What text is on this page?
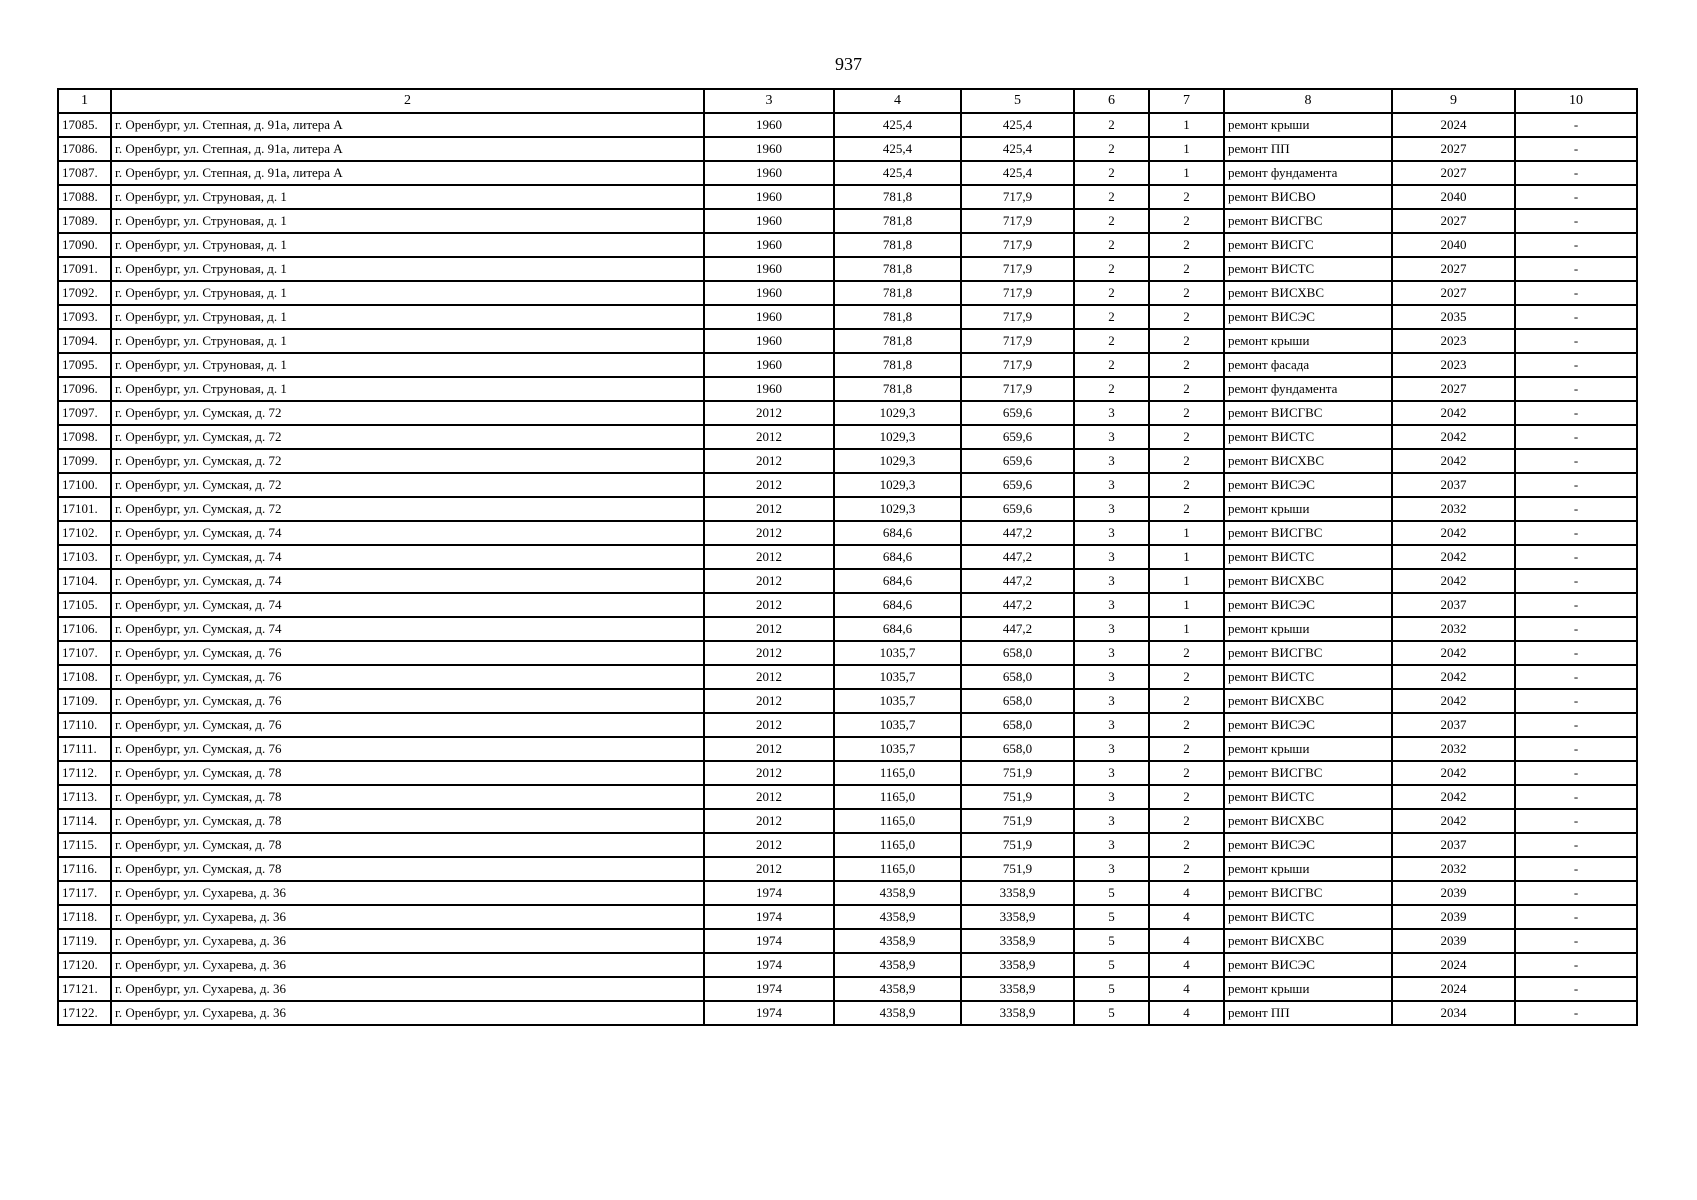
937
1	2	3	4	5	6	7	8	9	10
17085.	г. Оренбург, ул. Степная, д. 91а, литера А	1960	425,4	425,4	2	1	ремонт крыши	2024	-
17086.	г. Оренбург, ул. Степная, д. 91а, литера А	1960	425,4	425,4	2	1	ремонт ПП	2027	-
17087.	г. Оренбург, ул. Степная, д. 91а, литера А	1960	425,4	425,4	2	1	ремонт фундамента	2027	-
17088.	г. Оренбург, ул. Струновая, д. 1	1960	781,8	717,9	2	2	ремонт ВИСВО	2040	-
17089.	г. Оренбург, ул. Струновая, д. 1	1960	781,8	717,9	2	2	ремонт ВИСГВС	2027	-
17090.	г. Оренбург, ул. Струновая, д. 1	1960	781,8	717,9	2	2	ремонт ВИСГС	2040	-
17091.	г. Оренбург, ул. Струновая, д. 1	1960	781,8	717,9	2	2	ремонт ВИСТС	2027	-
17092.	г. Оренбург, ул. Струновая, д. 1	1960	781,8	717,9	2	2	ремонт ВИСХВС	2027	-
17093.	г. Оренбург, ул. Струновая, д. 1	1960	781,8	717,9	2	2	ремонт ВИСЭС	2035	-
17094.	г. Оренбург, ул. Струновая, д. 1	1960	781,8	717,9	2	2	ремонт крыши	2023	-
17095.	г. Оренбург, ул. Струновая, д. 1	1960	781,8	717,9	2	2	ремонт фасада	2023	-
17096.	г. Оренбург, ул. Струновая, д. 1	1960	781,8	717,9	2	2	ремонт фундамента	2027	-
17097.	г. Оренбург, ул. Сумская, д. 72	2012	1029,3	659,6	3	2	ремонт ВИСГВС	2042	-
17098.	г. Оренбург, ул. Сумская, д. 72	2012	1029,3	659,6	3	2	ремонт ВИСТС	2042	-
17099.	г. Оренбург, ул. Сумская, д. 72	2012	1029,3	659,6	3	2	ремонт ВИСХВС	2042	-
17100.	г. Оренбург, ул. Сумская, д. 72	2012	1029,3	659,6	3	2	ремонт ВИСЭС	2037	-
17101.	г. Оренбург, ул. Сумская, д. 72	2012	1029,3	659,6	3	2	ремонт крыши	2032	-
17102.	г. Оренбург, ул. Сумская, д. 74	2012	684,6	447,2	3	1	ремонт ВИСГВС	2042	-
17103.	г. Оренбург, ул. Сумская, д. 74	2012	684,6	447,2	3	1	ремонт ВИСТС	2042	-
17104.	г. Оренбург, ул. Сумская, д. 74	2012	684,6	447,2	3	1	ремонт ВИСХВС	2042	-
17105.	г. Оренбург, ул. Сумская, д. 74	2012	684,6	447,2	3	1	ремонт ВИСЭС	2037	-
17106.	г. Оренбург, ул. Сумская, д. 74	2012	684,6	447,2	3	1	ремонт крыши	2032	-
17107.	г. Оренбург, ул. Сумская, д. 76	2012	1035,7	658,0	3	2	ремонт ВИСГВС	2042	-
17108.	г. Оренбург, ул. Сумская, д. 76	2012	1035,7	658,0	3	2	ремонт ВИСТС	2042	-
17109.	г. Оренбург, ул. Сумская, д. 76	2012	1035,7	658,0	3	2	ремонт ВИСХВС	2042	-
17110.	г. Оренбург, ул. Сумская, д. 76	2012	1035,7	658,0	3	2	ремонт ВИСЭС	2037	-
17111.	г. Оренбург, ул. Сумская, д. 76	2012	1035,7	658,0	3	2	ремонт крыши	2032	-
17112.	г. Оренбург, ул. Сумская, д. 78	2012	1165,0	751,9	3	2	ремонт ВИСГВС	2042	-
17113.	г. Оренбург, ул. Сумская, д. 78	2012	1165,0	751,9	3	2	ремонт ВИСТС	2042	-
17114.	г. Оренбург, ул. Сумская, д. 78	2012	1165,0	751,9	3	2	ремонт ВИСХВС	2042	-
17115.	г. Оренбург, ул. Сумская, д. 78	2012	1165,0	751,9	3	2	ремонт ВИСЭС	2037	-
17116.	г. Оренбург, ул. Сумская, д. 78	2012	1165,0	751,9	3	2	ремонт крыши	2032	-
17117.	г. Оренбург, ул. Сухарева, д. 36	1974	4358,9	3358,9	5	4	ремонт ВИСГВС	2039	-
17118.	г. Оренбург, ул. Сухарева, д. 36	1974	4358,9	3358,9	5	4	ремонт ВИСТС	2039	-
17119.	г. Оренбург, ул. Сухарева, д. 36	1974	4358,9	3358,9	5	4	ремонт ВИСХВС	2039	-
17120.	г. Оренбург, ул. Сухарева, д. 36	1974	4358,9	3358,9	5	4	ремонт ВИСЭС	2024	-
17121.	г. Оренбург, ул. Сухарева, д. 36	1974	4358,9	3358,9	5	4	ремонт крыши	2024	-
17122.	г. Оренбург, ул. Сухарева, д. 36	1974	4358,9	3358,9	5	4	ремонт ПП	2034	-
